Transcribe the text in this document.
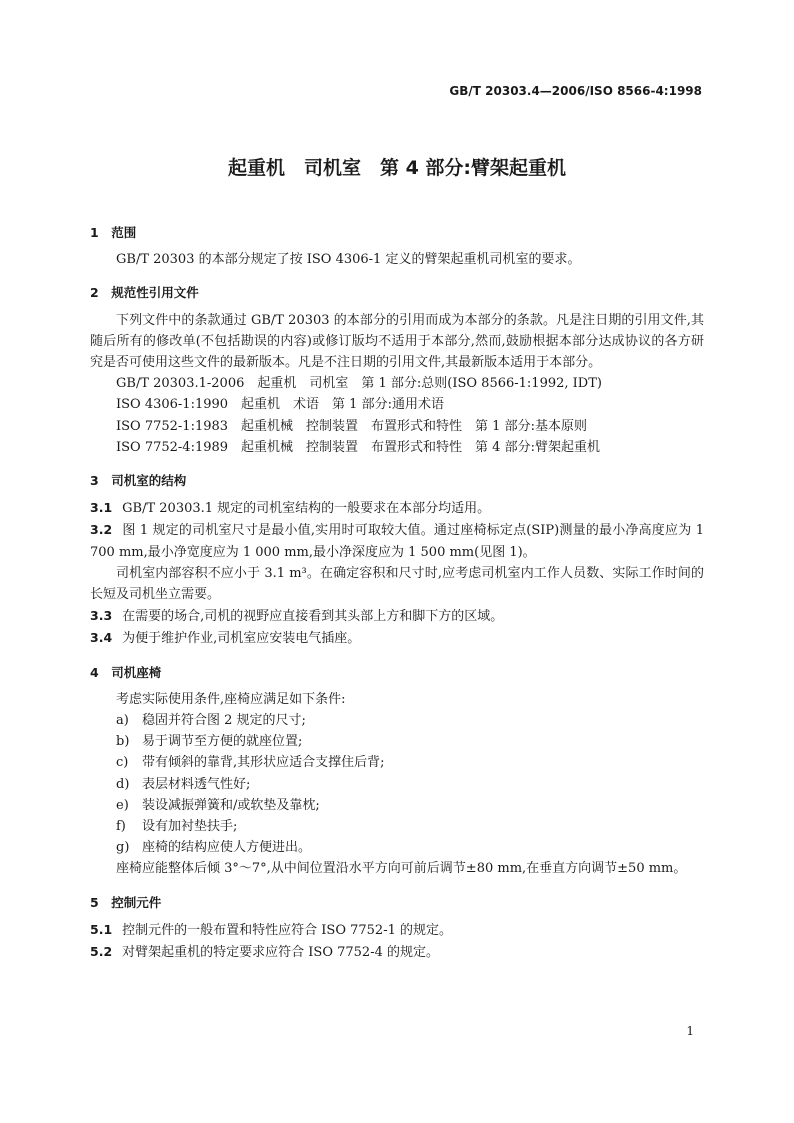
GB/T 20303.4—2006/ISO 8566-4:1998
起重机　司机室　第 4 部分:臂架起重机
1　范围

GB/T 20303 的本部分规定了按 ISO 4306-1 定义的臂架起重机司机室的要求。

2　规范性引用文件

下列文件中的条款通过 GB/T 20303 的本部分的引用而成为本部分的条款。凡是注日期的引用文件,其随后所有的修改单(不包括勘误的内容)或修订版均不适用于本部分,然而,鼓励根据本部分达成协议的各方研究是否可使用这些文件的最新版本。凡是不注日期的引用文件,其最新版本适用于本部分。

GB/T 20303.1-2006　起重机　司机室　第 1 部分:总则(ISO 8566-1:1992, IDT)

ISO 4306-1:1990　起重机　术语　第 1 部分:通用术语

ISO 7752-1:1983　起重机械　控制装置　布置形式和特性　第 1 部分:基本原则

ISO 7752-4:1989　起重机械　控制装置　布置形式和特性　第 4 部分:臂架起重机

3　司机室的结构

3.1 GB/T 20303.1 规定的司机室结构的一般要求在本部分均适用。

3.2 图 1 规定的司机室尺寸是最小值,实用时可取较大值。通过座椅标定点(SIP)测量的最小净高度应为 1 700 mm,最小净宽度应为 1 000 mm,最小净深度应为 1 500 mm(见图 1)。

司机室内部容积不应小于 3.1 m³。在确定容积和尺寸时,应考虑司机室内工作人员数、实际工作时间的长短及司机坐立需要。

3.3 在需要的场合,司机的视野应直接看到其头部上方和脚下方的区域。

3.4 为便于维护作业,司机室应安装电气插座。

4　司机座椅

考虑实际使用条件,座椅应满足如下条件:

a) 稳固并符合图 2 规定的尺寸;

b) 易于调节至方便的就座位置;

c) 带有倾斜的靠背,其形状应适合支撑住后背;

d) 表层材料透气性好;

e) 装设减振弹簧和/或软垫及靠枕;

f) 设有加衬垫扶手;

g) 座椅的结构应使人方便进出。

座椅应能整体后倾 3°～7°,从中间位置沿水平方向可前后调节±80 mm,在垂直方向调节±50 mm。

5　控制元件

5.1 控制元件的一般布置和特性应符合 ISO 7752-1 的规定。

5.2 对臂架起重机的特定要求应符合 ISO 7752-4 的规定。

1
